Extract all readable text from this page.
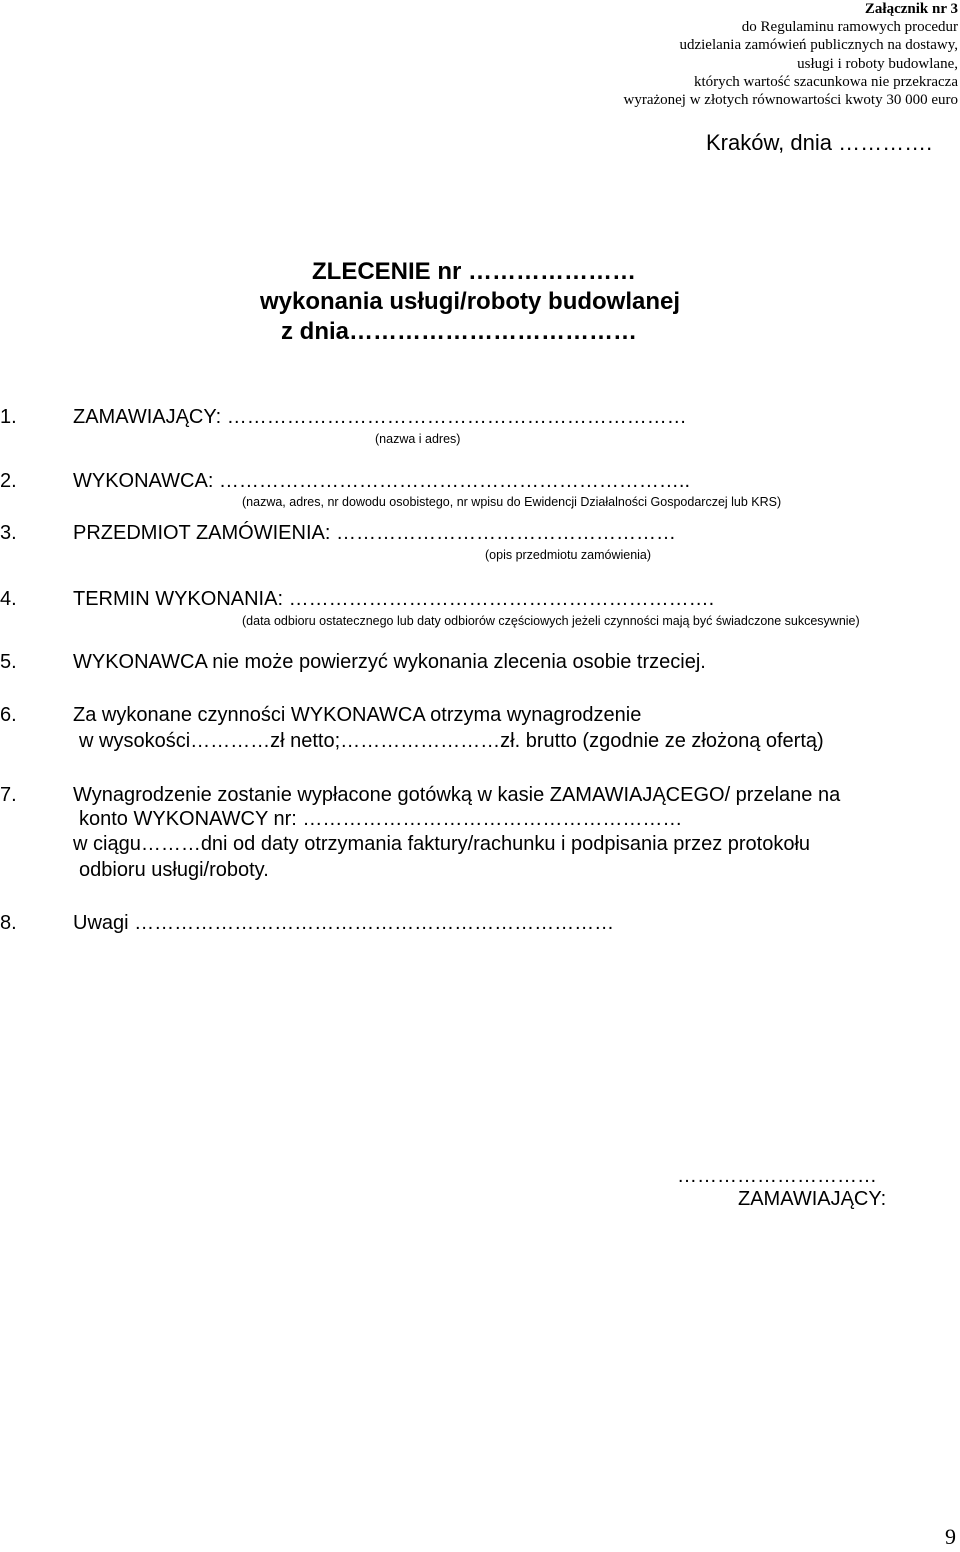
Załącznik nr 3
do Regulaminu ramowych procedur
udzielania zamówień publicznych na dostawy,
usługi i roboty budowlane,
których wartość szacunkowa nie przekracza
wyrażonej w złotych równowartości kwoty 30 000 euro
Kraków, dnia ………….
ZLECENIE nr …………………
wykonania usługi/roboty budowlanej
z dnia………………………………
1.	ZAMAWIAJĄCY: ……………………………………………………………
(nazwa i adres)
2.	WYKONAWCA: ……………………………………………………………..
(nazwa, adres, nr dowodu osobistego, nr wpisu do Ewidencji Działalności Gospodarczej lub KRS)
3.	PRZEDMIOT ZAMÓWIENIA: ……………………………………………
(opis przedmiotu zamówienia)
4.	TERMIN WYKONANIA: ……………………………………………………….
(data odbioru ostatecznego lub daty odbiorów częściowych jeżeli czynności mają być świadczone sukcesywnie)
5.	WYKONAWCA nie może powierzyć wykonania zlecenia osobie trzeciej.
6.	Za wykonane czynności WYKONAWCA otrzyma wynagrodzenie
w wysokości…………zł netto;……………………zł. brutto (zgodnie ze złożoną ofertą)
7.	Wynagrodzenie zostanie wypłacone gotówką w kasie ZAMAWIAJĄCEGO/ przelane na
konto WYKONAWCY nr: …………………………………………………
w ciągu………dni od daty otrzymania faktury/rachunku i podpisania przez protokołu
odbioru usługi/roboty.
8.	Uwagi ………………………………………………………………
…………………………
ZAMAWIAJĄCY:
9
